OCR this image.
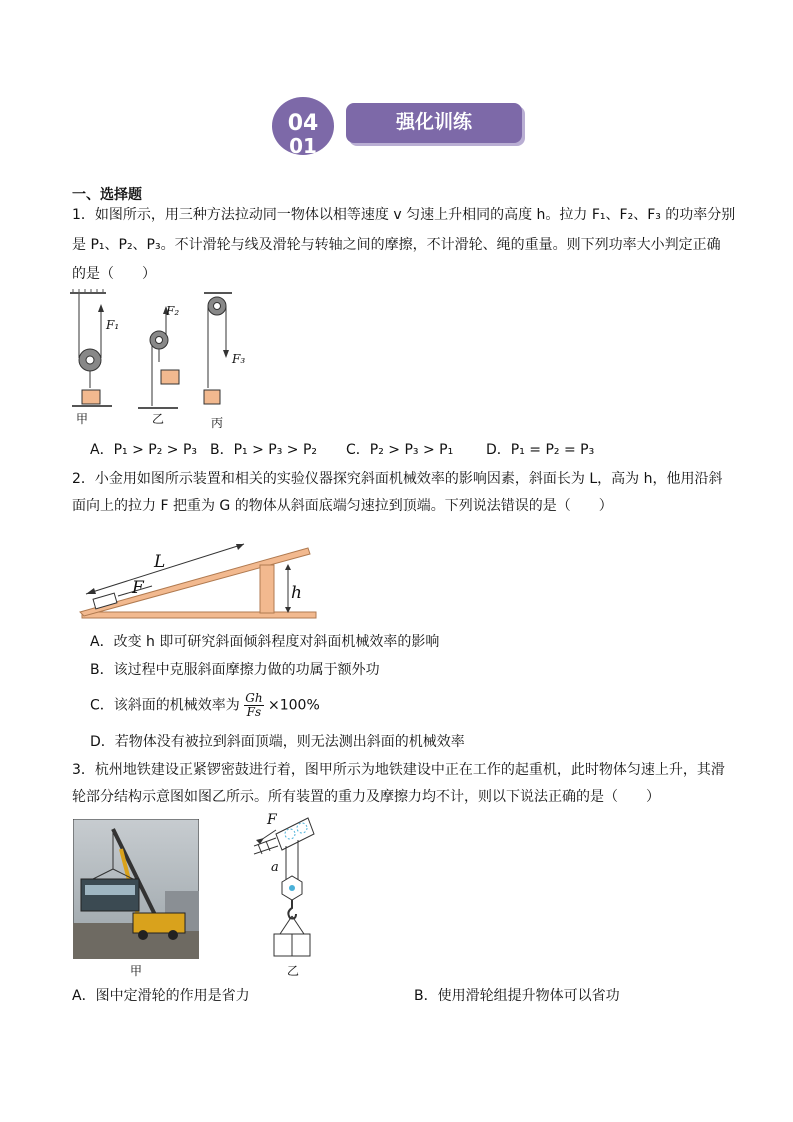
04
01
强化训练
一、选择题
1．如图所示，用三种方法拉动同一物体以相等速度 v 匀速上升相同的高度 h。拉力 F₁、F₂、F₃ 的功率分别
是 P₁、P₂、P₃。不计滑轮与线及滑轮与转轴之间的摩擦，不计滑轮、绳的重量。则下列功率大小判定正确
的是（　　）
F₁
F₂
F₃
甲	乙	丙
A．P₁ > P₂ > P₃ B．P₁ > P₃ > P₂ C．P₂ > P₃ > P₁ D．P₁ = P₂ = P₃
2．小金用如图所示装置和相关的实验仪器探究斜面机械效率的影响因素，斜面长为 L，高为 h，他用沿斜
面向上的拉力 F 把重为 G 的物体从斜面底端匀速拉到顶端。下列说法错误的是（　　）
L
F	h
A．改变 h 即可研究斜面倾斜程度对斜面机械效率的影响
B．该过程中克服斜面摩擦力做的功属于额外功
C．该斜面的机械效率为 $\frac{Gh}{Fs} \times 100\%$
D．若物体没有被拉到斜面顶端，则无法测出斜面的机械效率
3．杭州地铁建设正紧锣密鼓进行着，图甲所示为地铁建设中正在工作的起重机，此时物体匀速上升，其滑
轮部分结构示意图如图乙所示。所有装置的重力及摩擦力均不计，则以下说法正确的是（　　）
甲
F
a
乙
A．图中定滑轮的作用是省力	B．使用滑轮组提升物体可以省功
